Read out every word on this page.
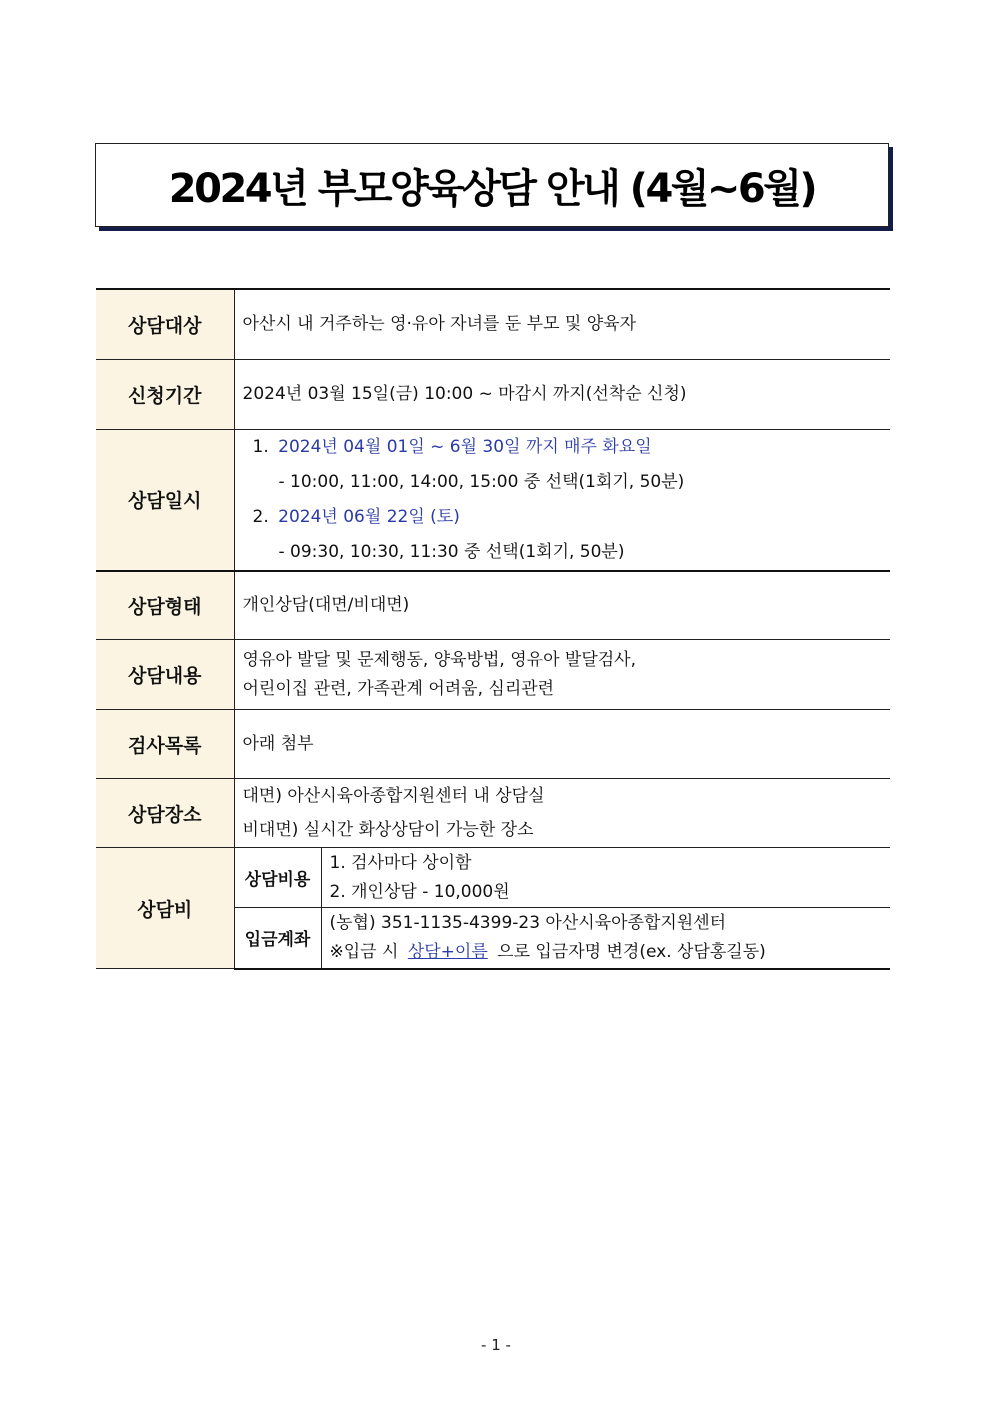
2024년 부모양육상담 안내 (4월~6월)
상담대상	아산시 내 거주하는 영·유아 자녀를 둔 부모 및 양육자	
신청기간	2024년 03월 15일(금) 10:00 ~ 마감시 까지(선착순 신청)	
상담일시	1. 2024년 04월 01일 ~ 6월 30일 까지 매주 화요일
- 10:00, 11:00, 14:00, 15:00 중 선택(1회기, 50분)
2. 2024년 06월 22일 (토)
- 09:30, 10:30, 11:30 중 선택(1회기, 50분)	

상담형태	개인상담(대면/비대면)	
상담내용	영유아 발달 및 문제행동, 양육방법, 영유아 발달검사,
어린이집 관련, 가족관계 어려움, 심리관련	

검사목록	아래 첨부	
상담장소	대면) 아산시육아종합지원센터 내 상담실
비대면) 실시간 화상상담이 가능한 장소	

상담비	상담비용	1. 검사마다 상이함
2. 개인상담 - 10,000원

	입금계좌	(농협) 351-1135-4399-23 아산시육아종합지원센터
※입금 시 상담+이름 으로 입금자명 변경(ex. 상담홍길동)
- 1 -
